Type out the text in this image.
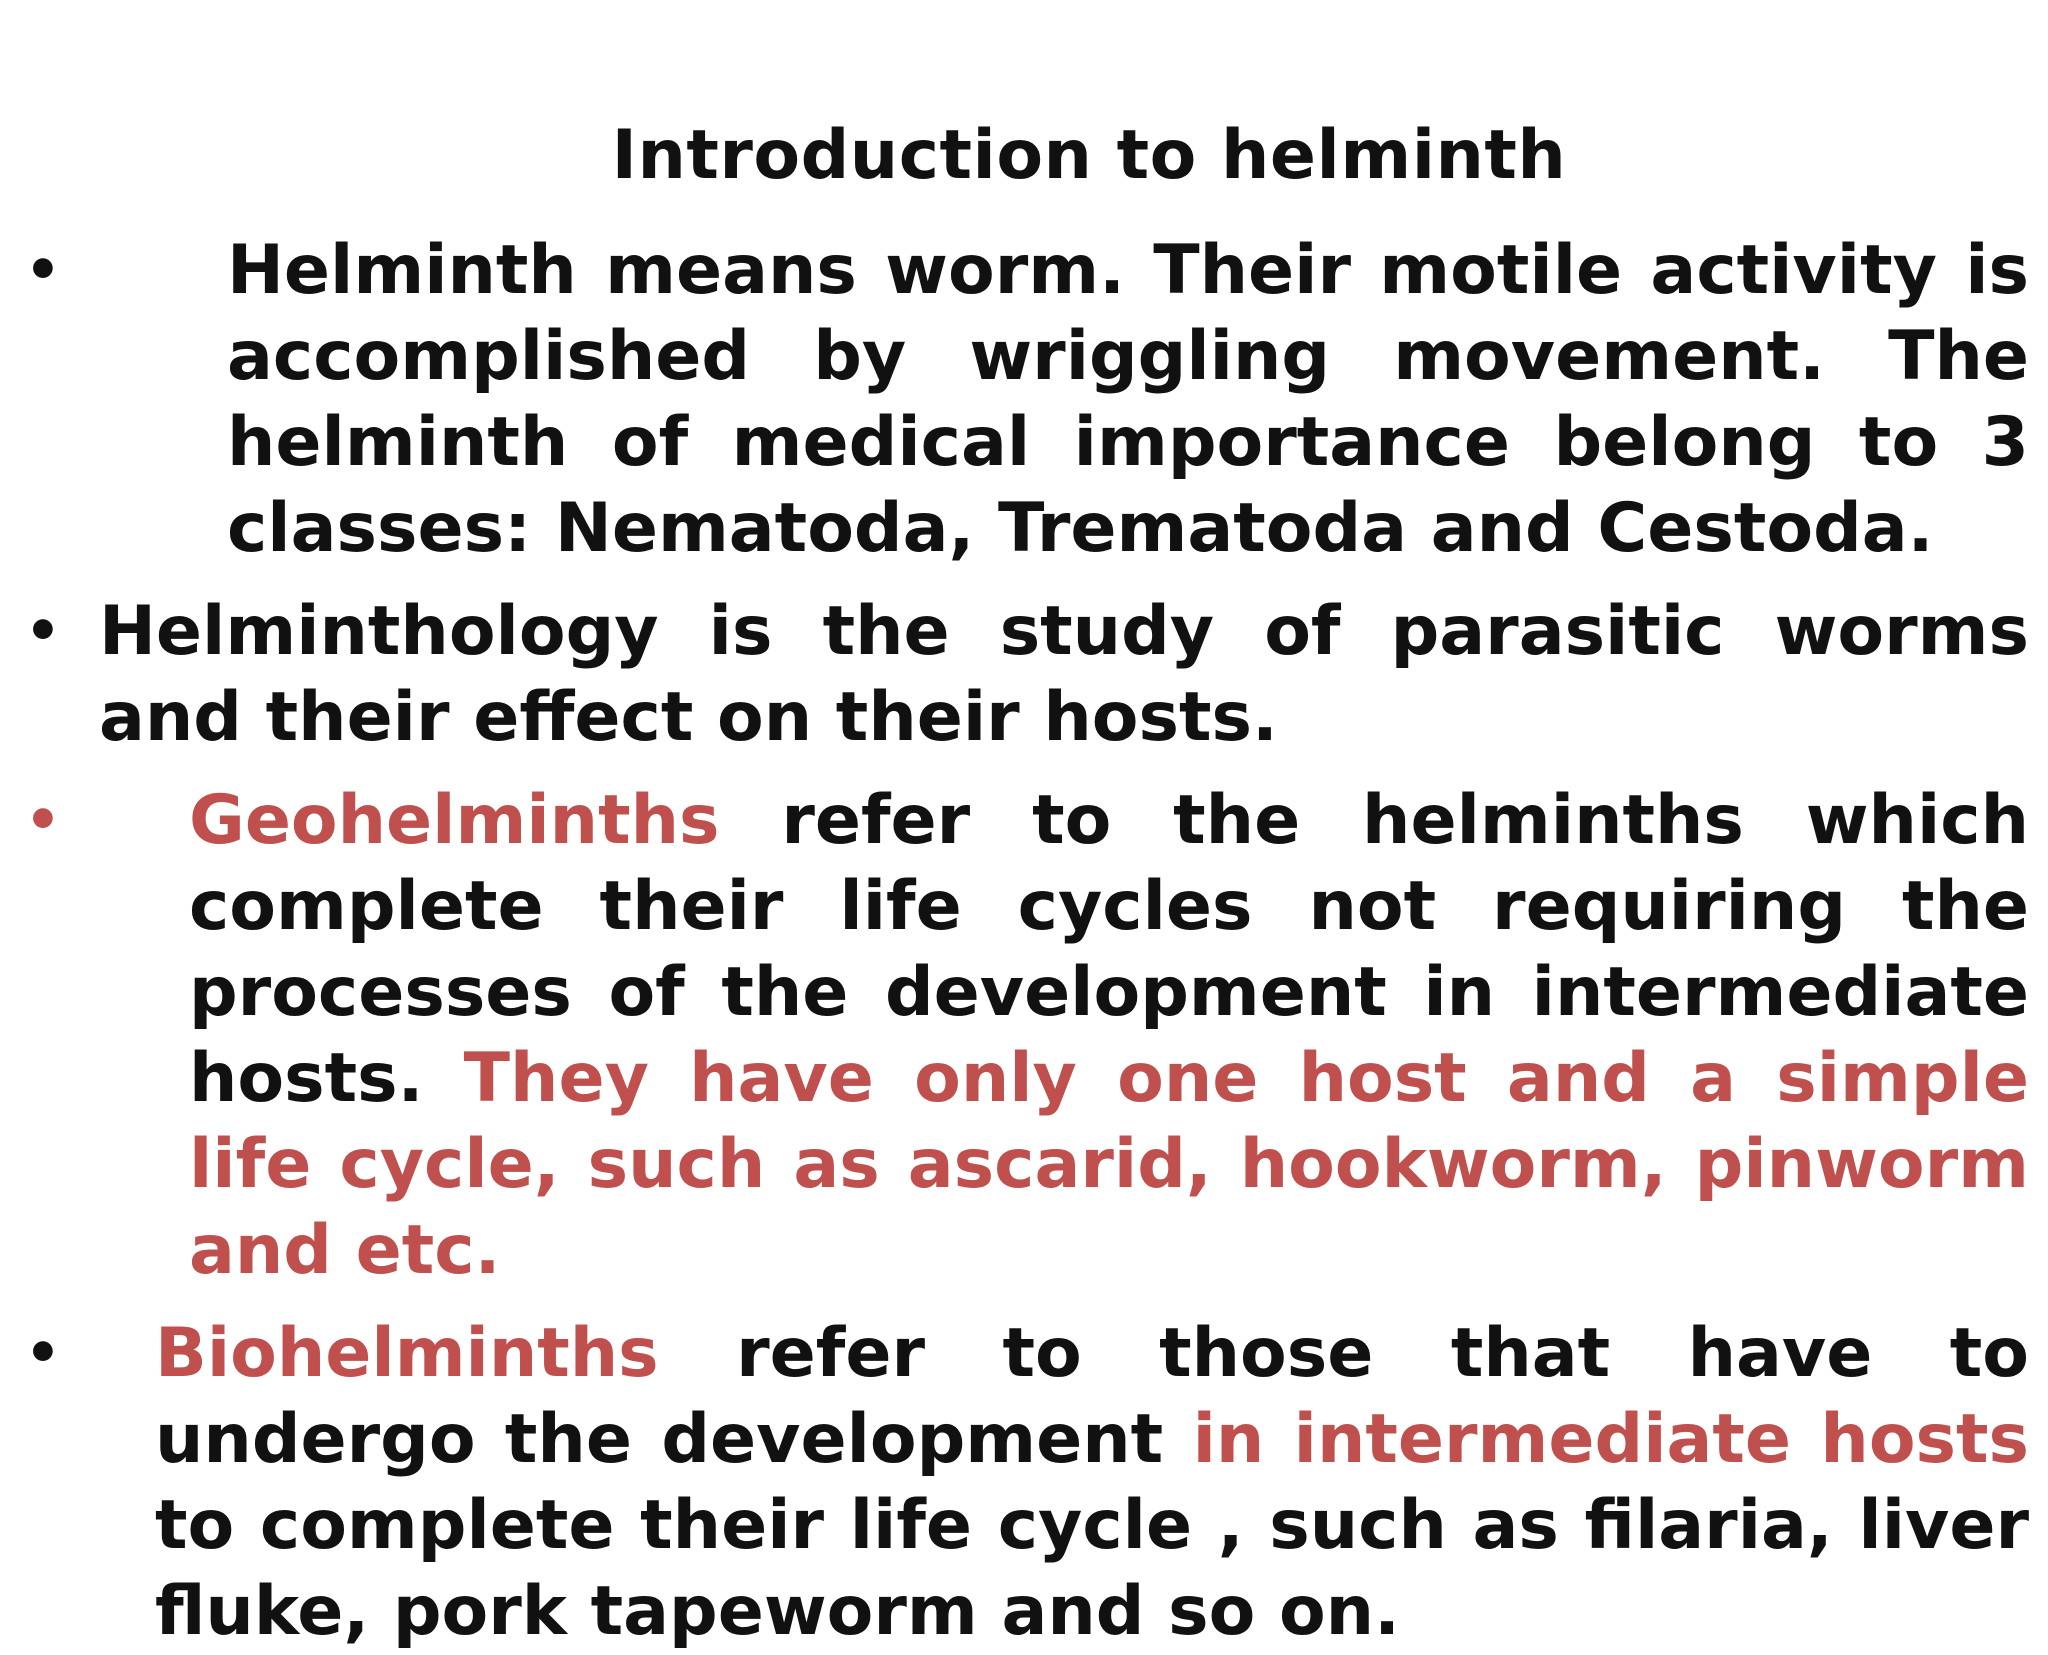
Introduction to helminth
•	Helminth means worm. Their motile activity is accomplished by wriggling movement. The helminth of medical importance belong to 3 classes: Nematoda, Trematoda and Cestoda.
• Helminthology is the study of parasitic worms and their effect on their hosts.
•	Geohelminths refer to the helminths which complete their life cycles not requiring the processes of the development in intermediate hosts. They have only one host and a simple life cycle, such as ascarid, hookworm, pinworm and etc.
•	Biohelminths refer to those that have to undergo the development in intermediate hosts to complete their life cycle , such as filaria, liver fluke, pork tapeworm and so on.
